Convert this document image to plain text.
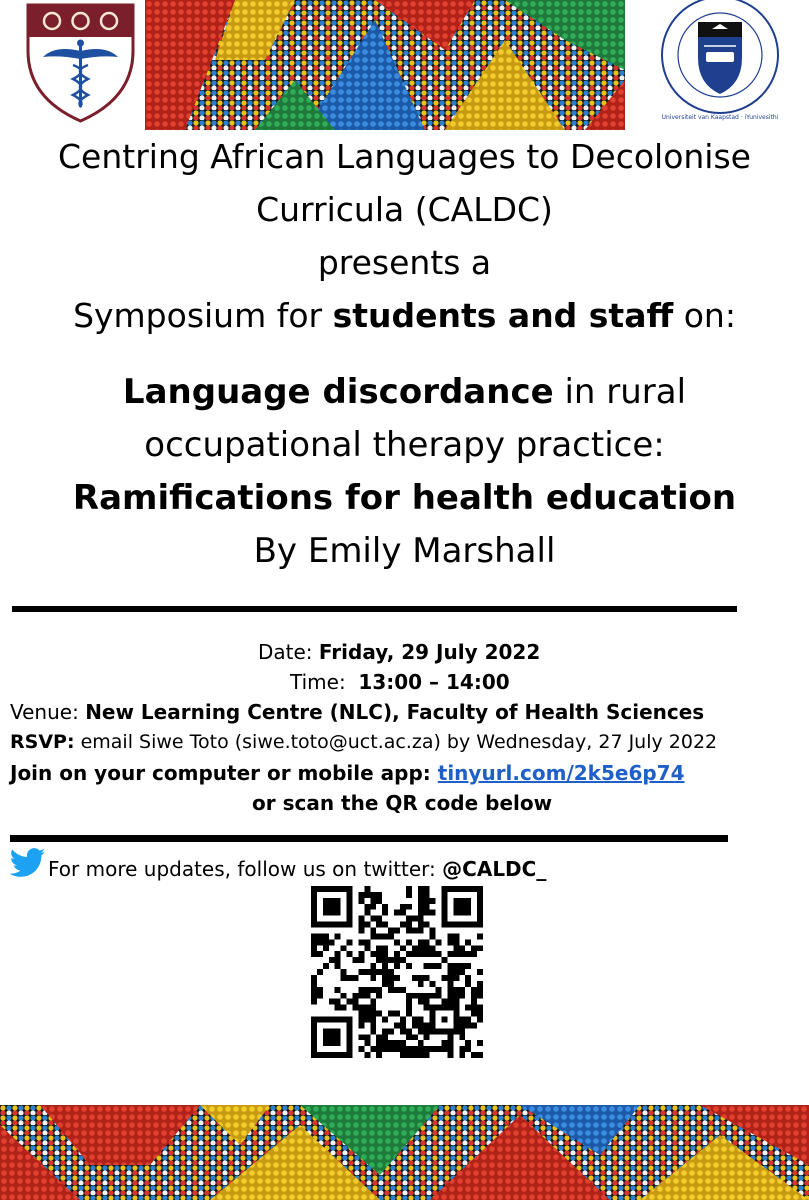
Universiteit van Kaapstad · iYunivesithi
Centring African Languages to Decolonise
Curricula (CALDC)
presents a
Symposium for students and staff on:
Language discordance in rural
occupational therapy practice:
Ramifications for health education
By Emily Marshall
Date: Friday, 29 July 2022
Time:  13:00 – 14:00
Venue: New Learning Centre (NLC), Faculty of Health Sciences
RSVP: email Siwe Toto (siwe.toto@uct.ac.za) by Wednesday, 27 July 2022
Join on your computer or mobile app: tinyurl.com/2k5e6p74
or scan the QR code below
For more updates, follow us on twitter: @CALDC_
